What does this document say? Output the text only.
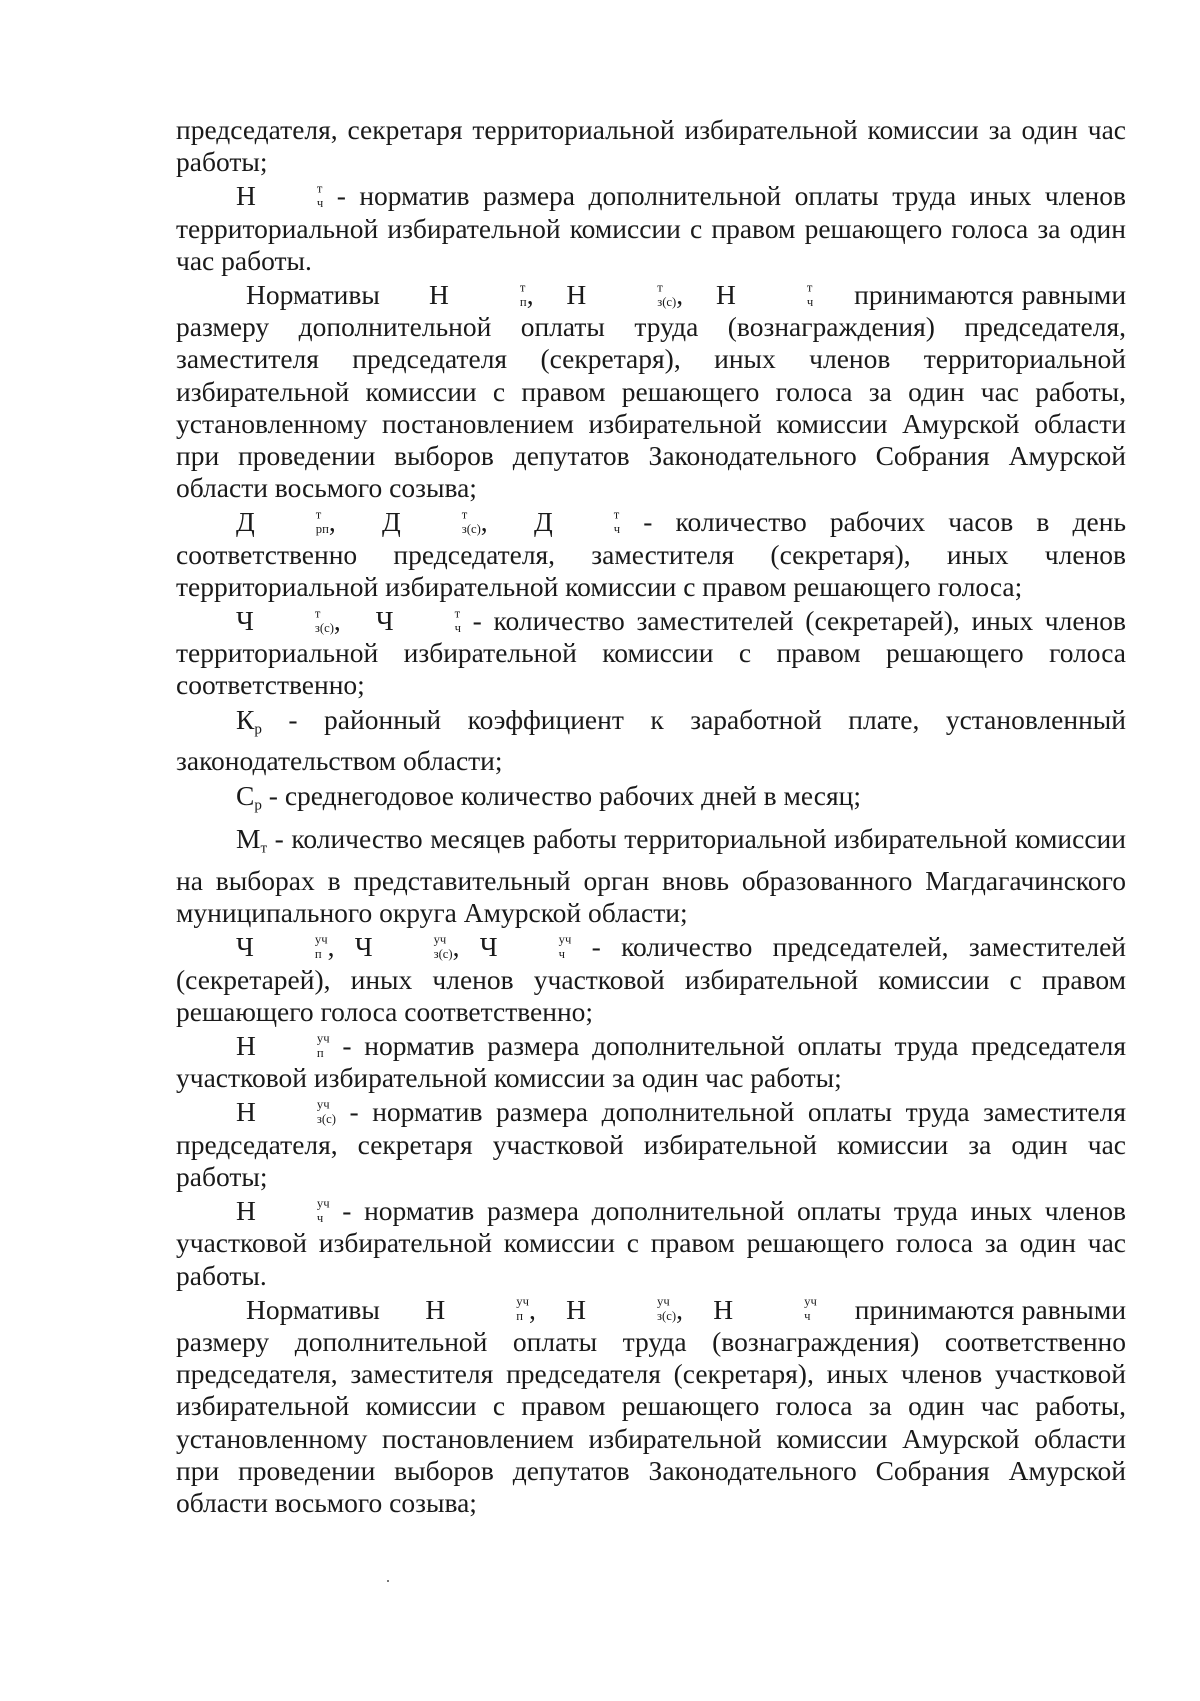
председателя, секретаря территориальной избирательной комиссии за один час работы;

Н	т
ч - норматив размера дополнительной оплаты труда иных членов территориальной избирательной комиссии с правом решающего голоса за один час работы.

Нормативы Н	т
п , Н	т
з(с) , Н	т
ч принимаются равными размеру дополнительной оплаты труда (вознаграждения) председателя, заместителя председателя (секретаря), иных членов территориальной избирательной комиссии с правом решающего голоса за один час работы, установленному постановлением избирательной комиссии Амурской области при проведении выборов депутатов Законодательного Собрания Амурской области восьмого созыва;

Д	т
рп , Д	т
з(с) , Д	т
ч - количество рабочих часов в день соответственно председателя, заместителя (секретаря), иных членов территориальной избирательной комиссии с правом решающего голоса;

Ч	т
з(с) , Ч	т
ч - количество заместителей (секретарей), иных членов территориальной избирательной комиссии с правом решающего голоса соответственно;

Кр - районный коэффициент к заработной плате, установленный законодательством области;

Ср - среднегодовое количество рабочих дней в месяц;

Мт - количество месяцев работы территориальной избирательной комиссии на выборах в представительный орган вновь образованного Магдагачинского муниципального округа Амурской области;

Ч	уч
п , Ч	уч
з(с) , Ч	уч
ч - количество председателей, заместителей (секретарей), иных членов участковой избирательной комиссии с правом решающего голоса соответственно;

Н	уч
п - норматив размера дополнительной оплаты труда председателя участковой избирательной комиссии за один час работы;

Н	уч
з(с) - норматив размера дополнительной оплаты труда заместителя председателя, секретаря участковой избирательной комиссии за один час работы;

Н	уч
ч - норматив размера дополнительной оплаты труда иных членов участковой избирательной комиссии с правом решающего голоса за один час работы.

Нормативы Н	уч
п , Н	уч
з(с) , Н	уч
ч принимаются равными размеру дополнительной оплаты труда (вознаграждения) соответственно председателя, заместителя председателя (секретаря), иных членов участковой избирательной комиссии с правом решающего голоса за один час работы, установленному постановлением избирательной комиссии Амурской области при проведении выборов депутатов Законодательного Собрания Амурской области восьмого созыва;
